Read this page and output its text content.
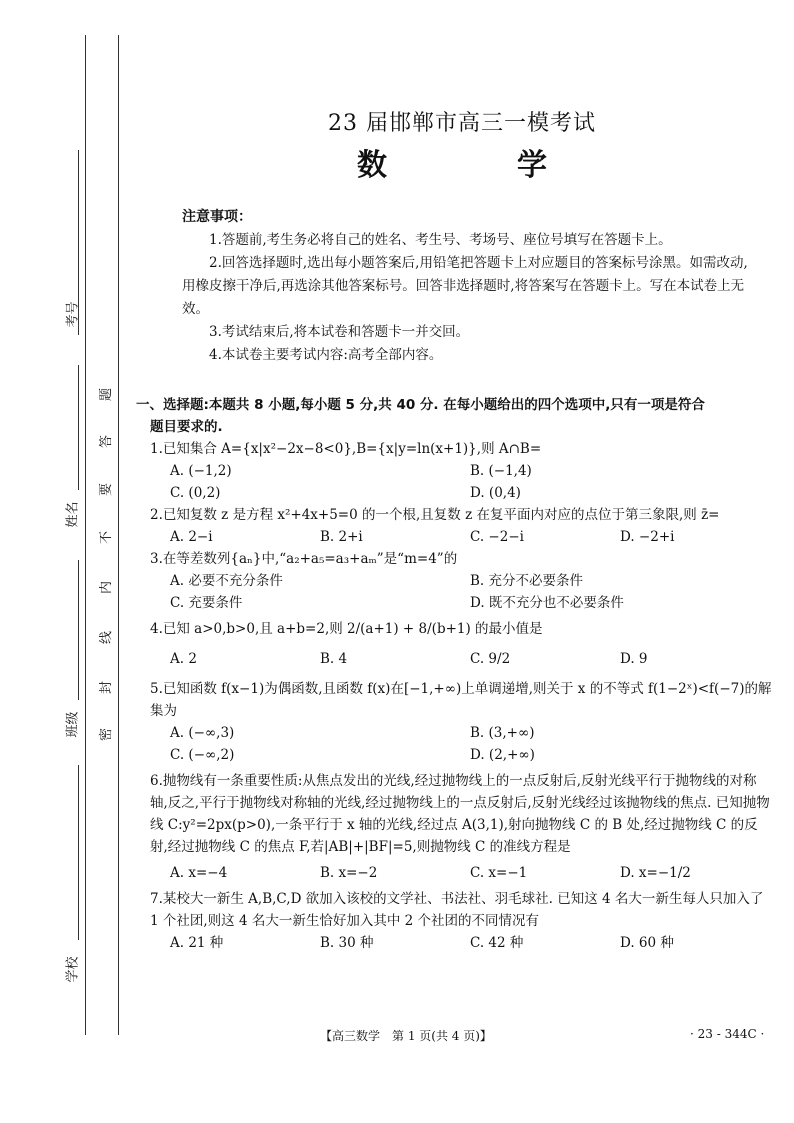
考号
姓名
班级
学校
题
答
要
不
内
线
封
密
23 届邯郸市高三一模考试
数　学
注意事项：

1.答题前,考生务必将自己的姓名、考生号、考场号、座位号填写在答题卡上。

2.回答选择题时,选出每小题答案后,用铅笔把答题卡上对应题目的答案标号涂黑。如需改动,用橡皮擦干净后,再选涂其他答案标号。回答非选择题时,将答案写在答题卡上。写在本试卷上无效。

3.考试结束后,将本试卷和答题卡一并交回。

4.本试卷主要考试内容:高考全部内容。

一、选择题:本题共 8 小题,每小题 5 分,共 40 分. 在每小题给出的四个选项中,只有一项是符合
题目要求的.
1.已知集合 A={x|x²−2x−8<0},B={x|y=ln(x+1)},则 A∩B=
A. (−1,2)	B. (−1,4)
C. (0,2)	D. (0,4)
2.已知复数 z 是方程 x²+4x+5=0 的一个根,且复数 z 在复平面内对应的点位于第三象限,则 z̄=
A. 2−i	B. 2+i	C. −2−i	D. −2+i
3.在等差数列{aₙ}中,“a₂+a₅=a₃+aₘ”是“m=4”的
A. 必要不充分条件	B. 充分不必要条件
C. 充要条件	D. 既不充分也不必要条件
4.已知 a>0,b>0,且 a+b=2,则 2/(a+1) + 8/(b+1) 的最小值是
A. 2	B. 4	C. 9/2	D. 9
5.已知函数 f(x−1)为偶函数,且函数 f(x)在[−1,+∞)上单调递增,则关于 x 的不等式 f(1−2ˣ)<f(−7)的解集为
A. (−∞,3)	B. (3,+∞)
C. (−∞,2)	D. (2,+∞)
6.抛物线有一条重要性质:从焦点发出的光线,经过抛物线上的一点反射后,反射光线平行于抛物线的对称轴,反之,平行于抛物线对称轴的光线,经过抛物线上的一点反射后,反射光线经过该抛物线的焦点. 已知抛物线 C:y²=2px(p>0),一条平行于 x 轴的光线,经过点 A(3,1),射向抛物线 C 的 B 处,经过抛物线 C 的反射,经过抛物线 C 的焦点 F,若|AB|+|BF|=5,则抛物线 C 的准线方程是
A. x=−4	B. x=−2	C. x=−1	D. x=−1/2
7.某校大一新生 A,B,C,D 欲加入该校的文学社、书法社、羽毛球社. 已知这 4 名大一新生每人只加入了 1 个社团,则这 4 名大一新生恰好加入其中 2 个社团的不同情况有
A. 21 种	B. 30 种	C. 42 种	D. 60 种
【高三数学　第 1 页(共 4 页)】	· 23 - 344C ·
